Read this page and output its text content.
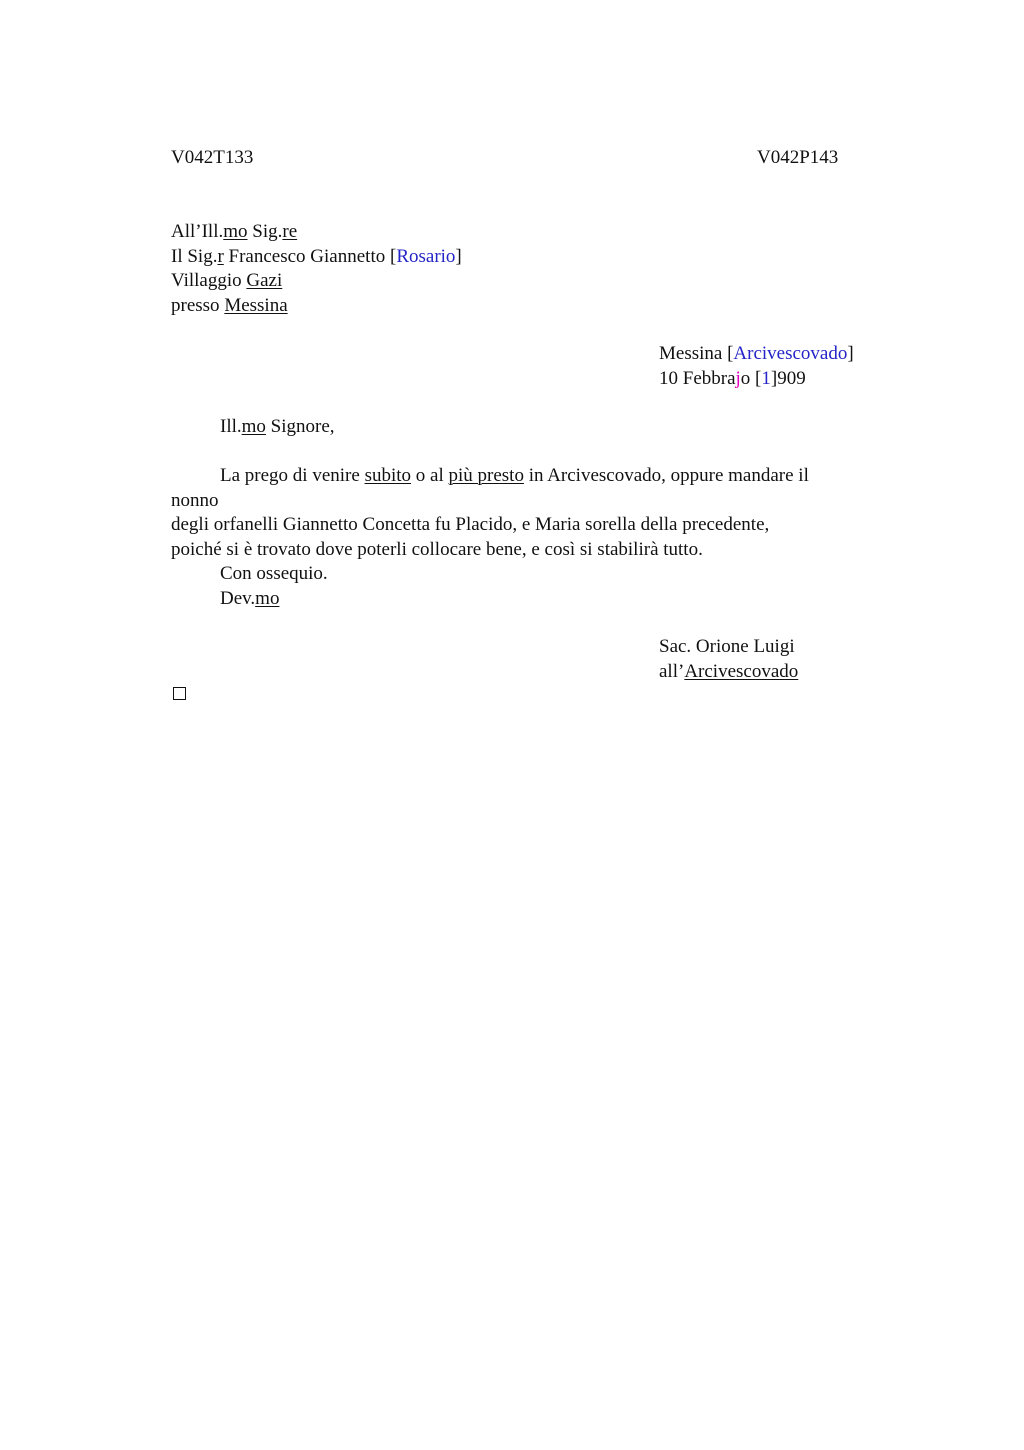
V042T133	V042P143
All’Ill.mo Sig.re
Il Sig.r Francesco Giannetto [Rosario]
Villaggio Gazi
presso Messina
Messina [Arcivescovado]
10 Febbrajo [1]909
Ill.mo Signore,
La prego di venire subito o al più presto in Arcivescovado, oppure mandare il
nonno
degli orfanelli Giannetto Concetta fu Placido, e Maria sorella della precedente,
poiché si è trovato dove poterli collocare bene, e così si stabilirà tutto.
Con ossequio.
Dev.mo
Sac. Orione Luigi
all’Arcivescovado
